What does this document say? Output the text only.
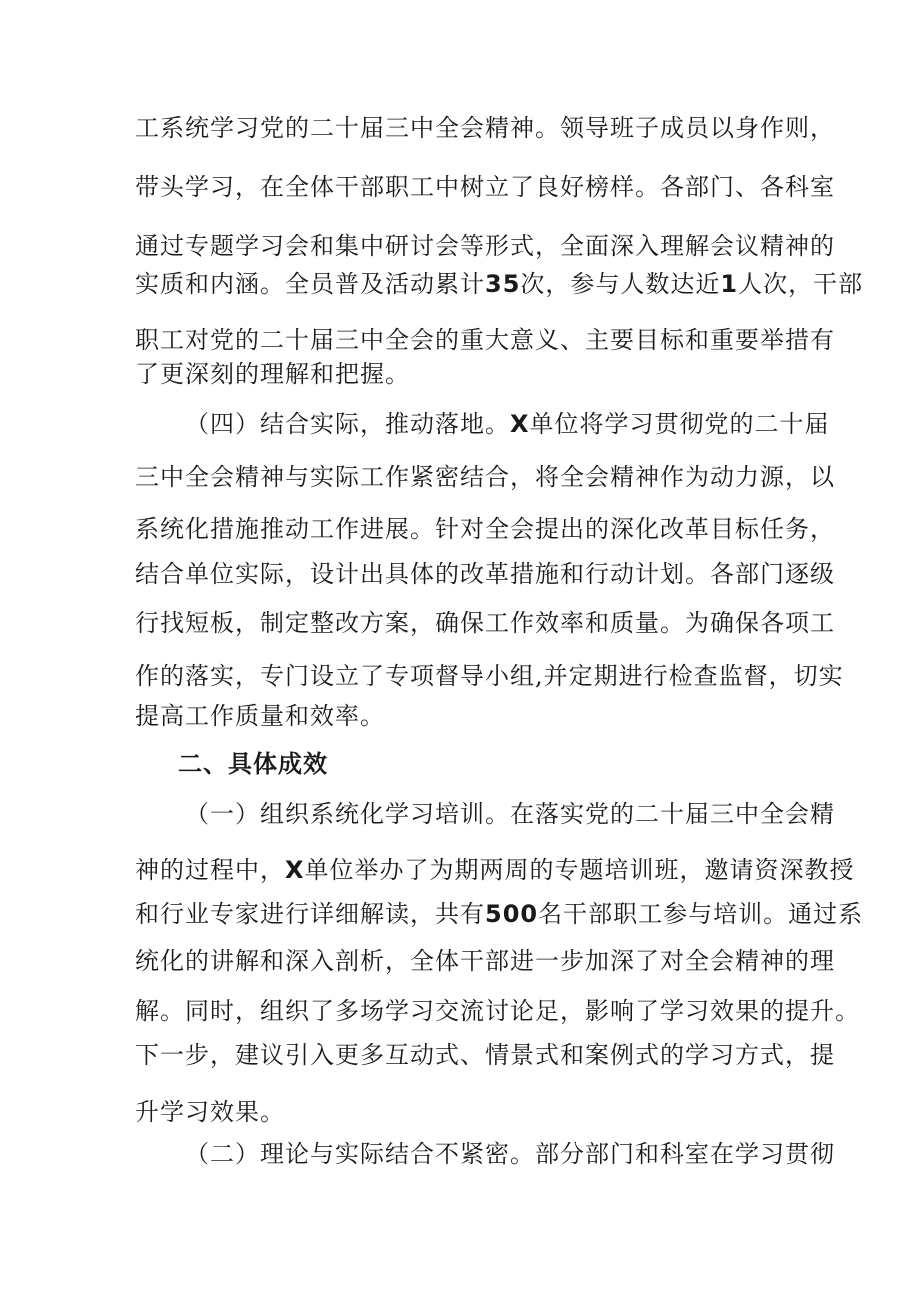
工系统学习党的二十届三中全会精神。领导班子成员以身作则，
带头学习，在全体干部职工中树立了良好榜样。各部门、各科室
通过专题学习会和集中研讨会等形式，全面深入理解会议精神的
实质和内涵。全员普及活动累计35次，参与人数达近1人次，干部
职工对党的二十届三中全会的重大意义、主要目标和重要举措有
了更深刻的理解和把握。
（四）结合实际，推动落地。X单位将学习贯彻党的二十届
三中全会精神与实际工作紧密结合，将全会精神作为动力源，以
系统化措施推动工作进展。针对全会提出的深化改革目标任务，
结合单位实际，设计出具体的改革措施和行动计划。各部门逐级
行找短板，制定整改方案，确保工作效率和质量。为确保各项工
作的落实，专门设立了专项督导小组,并定期进行检查监督，切实
提高工作质量和效率。
二、具体成效
（一）组织系统化学习培训。在落实党的二十届三中全会精
神的过程中，X单位举办了为期两周的专题培训班，邀请资深教授
和行业专家进行详细解读，共有500名干部职工参与培训。通过系
统化的讲解和深入剖析，全体干部进一步加深了对全会精神的理
解。同时，组织了多场学习交流讨论足，影响了学习效果的提升。
下一步，建议引入更多互动式、情景式和案例式的学习方式，提
升学习效果。
（二）理论与实际结合不紧密。部分部门和科室在学习贯彻
